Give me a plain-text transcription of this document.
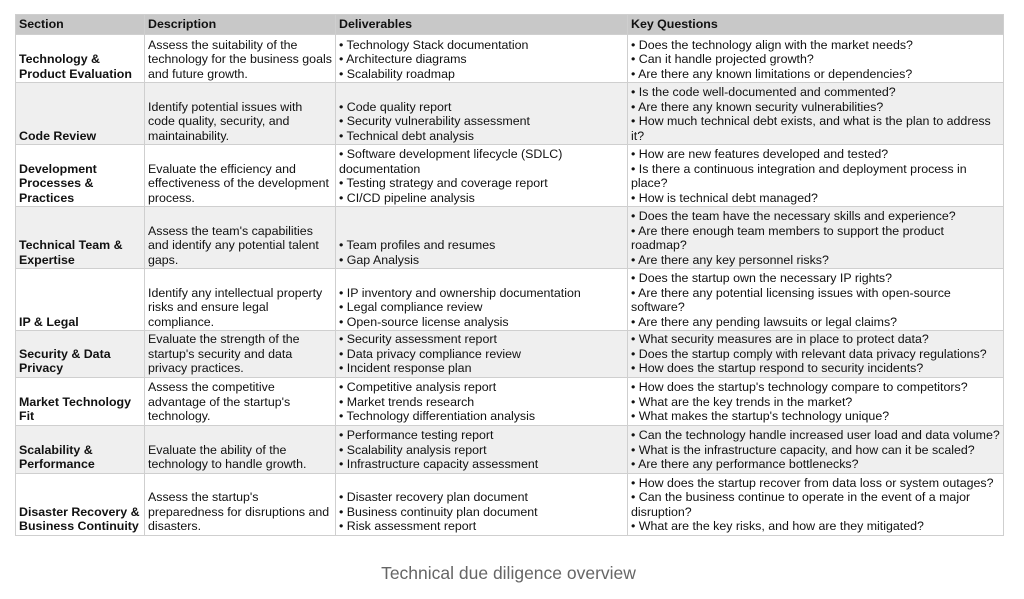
Section	Description	Deliverables	Key Questions
Technology & Product Evaluation	Assess the suitability of the technology for the business goals and future growth.	• Technology Stack documentation
• Architecture diagrams
• Scalability roadmap	• Does the technology align with the market needs?
• Can it handle projected growth?
• Are there any known limitations or dependencies?

Code Review	Identify potential issues with code quality, security, and maintainability.	• Code quality report
• Security vulnerability assessment
• Technical debt analysis	• Is the code well-documented and commented?
• Are there any known security vulnerabilities?
• How much technical debt exists, and what is the plan to address it?

Development Processes & Practices	Evaluate the efficiency and effectiveness of the development process.	• Software development lifecycle (SDLC) documentation
• Testing strategy and coverage report
• CI/CD pipeline analysis	• How are new features developed and tested?
• Is there a continuous integration and deployment process in place?
• How is technical debt managed?

Technical Team & Expertise	Assess the team's capabilities and identify any potential talent gaps.	• Team profiles and resumes
• Gap Analysis	• Does the team have the necessary skills and experience?
• Are there enough team members to support the product roadmap?
• Are there any key personnel risks?

IP & Legal	Identify any intellectual property risks and ensure legal compliance.	• IP inventory and ownership documentation
• Legal compliance review
• Open-source license analysis	• Does the startup own the necessary IP rights?
• Are there any potential licensing issues with open-source software?
• Are there any pending lawsuits or legal claims?

Security & Data Privacy	Evaluate the strength of the startup's security and data privacy practices.	• Security assessment report
• Data privacy compliance review
• Incident response plan	• What security measures are in place to protect data?
• Does the startup comply with relevant data privacy regulations?
• How does the startup respond to security incidents?

Market Technology Fit	Assess the competitive advantage of the startup's technology.	• Competitive analysis report
• Market trends research
• Technology differentiation analysis	• How does the startup's technology compare to competitors?
• What are the key trends in the market?
• What makes the startup's technology unique?

Scalability & Performance	Evaluate the ability of the technology to handle growth.	• Performance testing report
• Scalability analysis report
• Infrastructure capacity assessment	• Can the technology handle increased user load and data volume?
• What is the infrastructure capacity, and how can it be scaled?
• Are there any performance bottlenecks?

Disaster Recovery & Business Continuity	Assess the startup's preparedness for disruptions and disasters.	• Disaster recovery plan document
• Business continuity plan document
• Risk assessment report	• How does the startup recover from data loss or system outages?
• Can the business continue to operate in the event of a major disruption?
• What are the key risks, and how are they mitigated?
Technical due diligence overview
